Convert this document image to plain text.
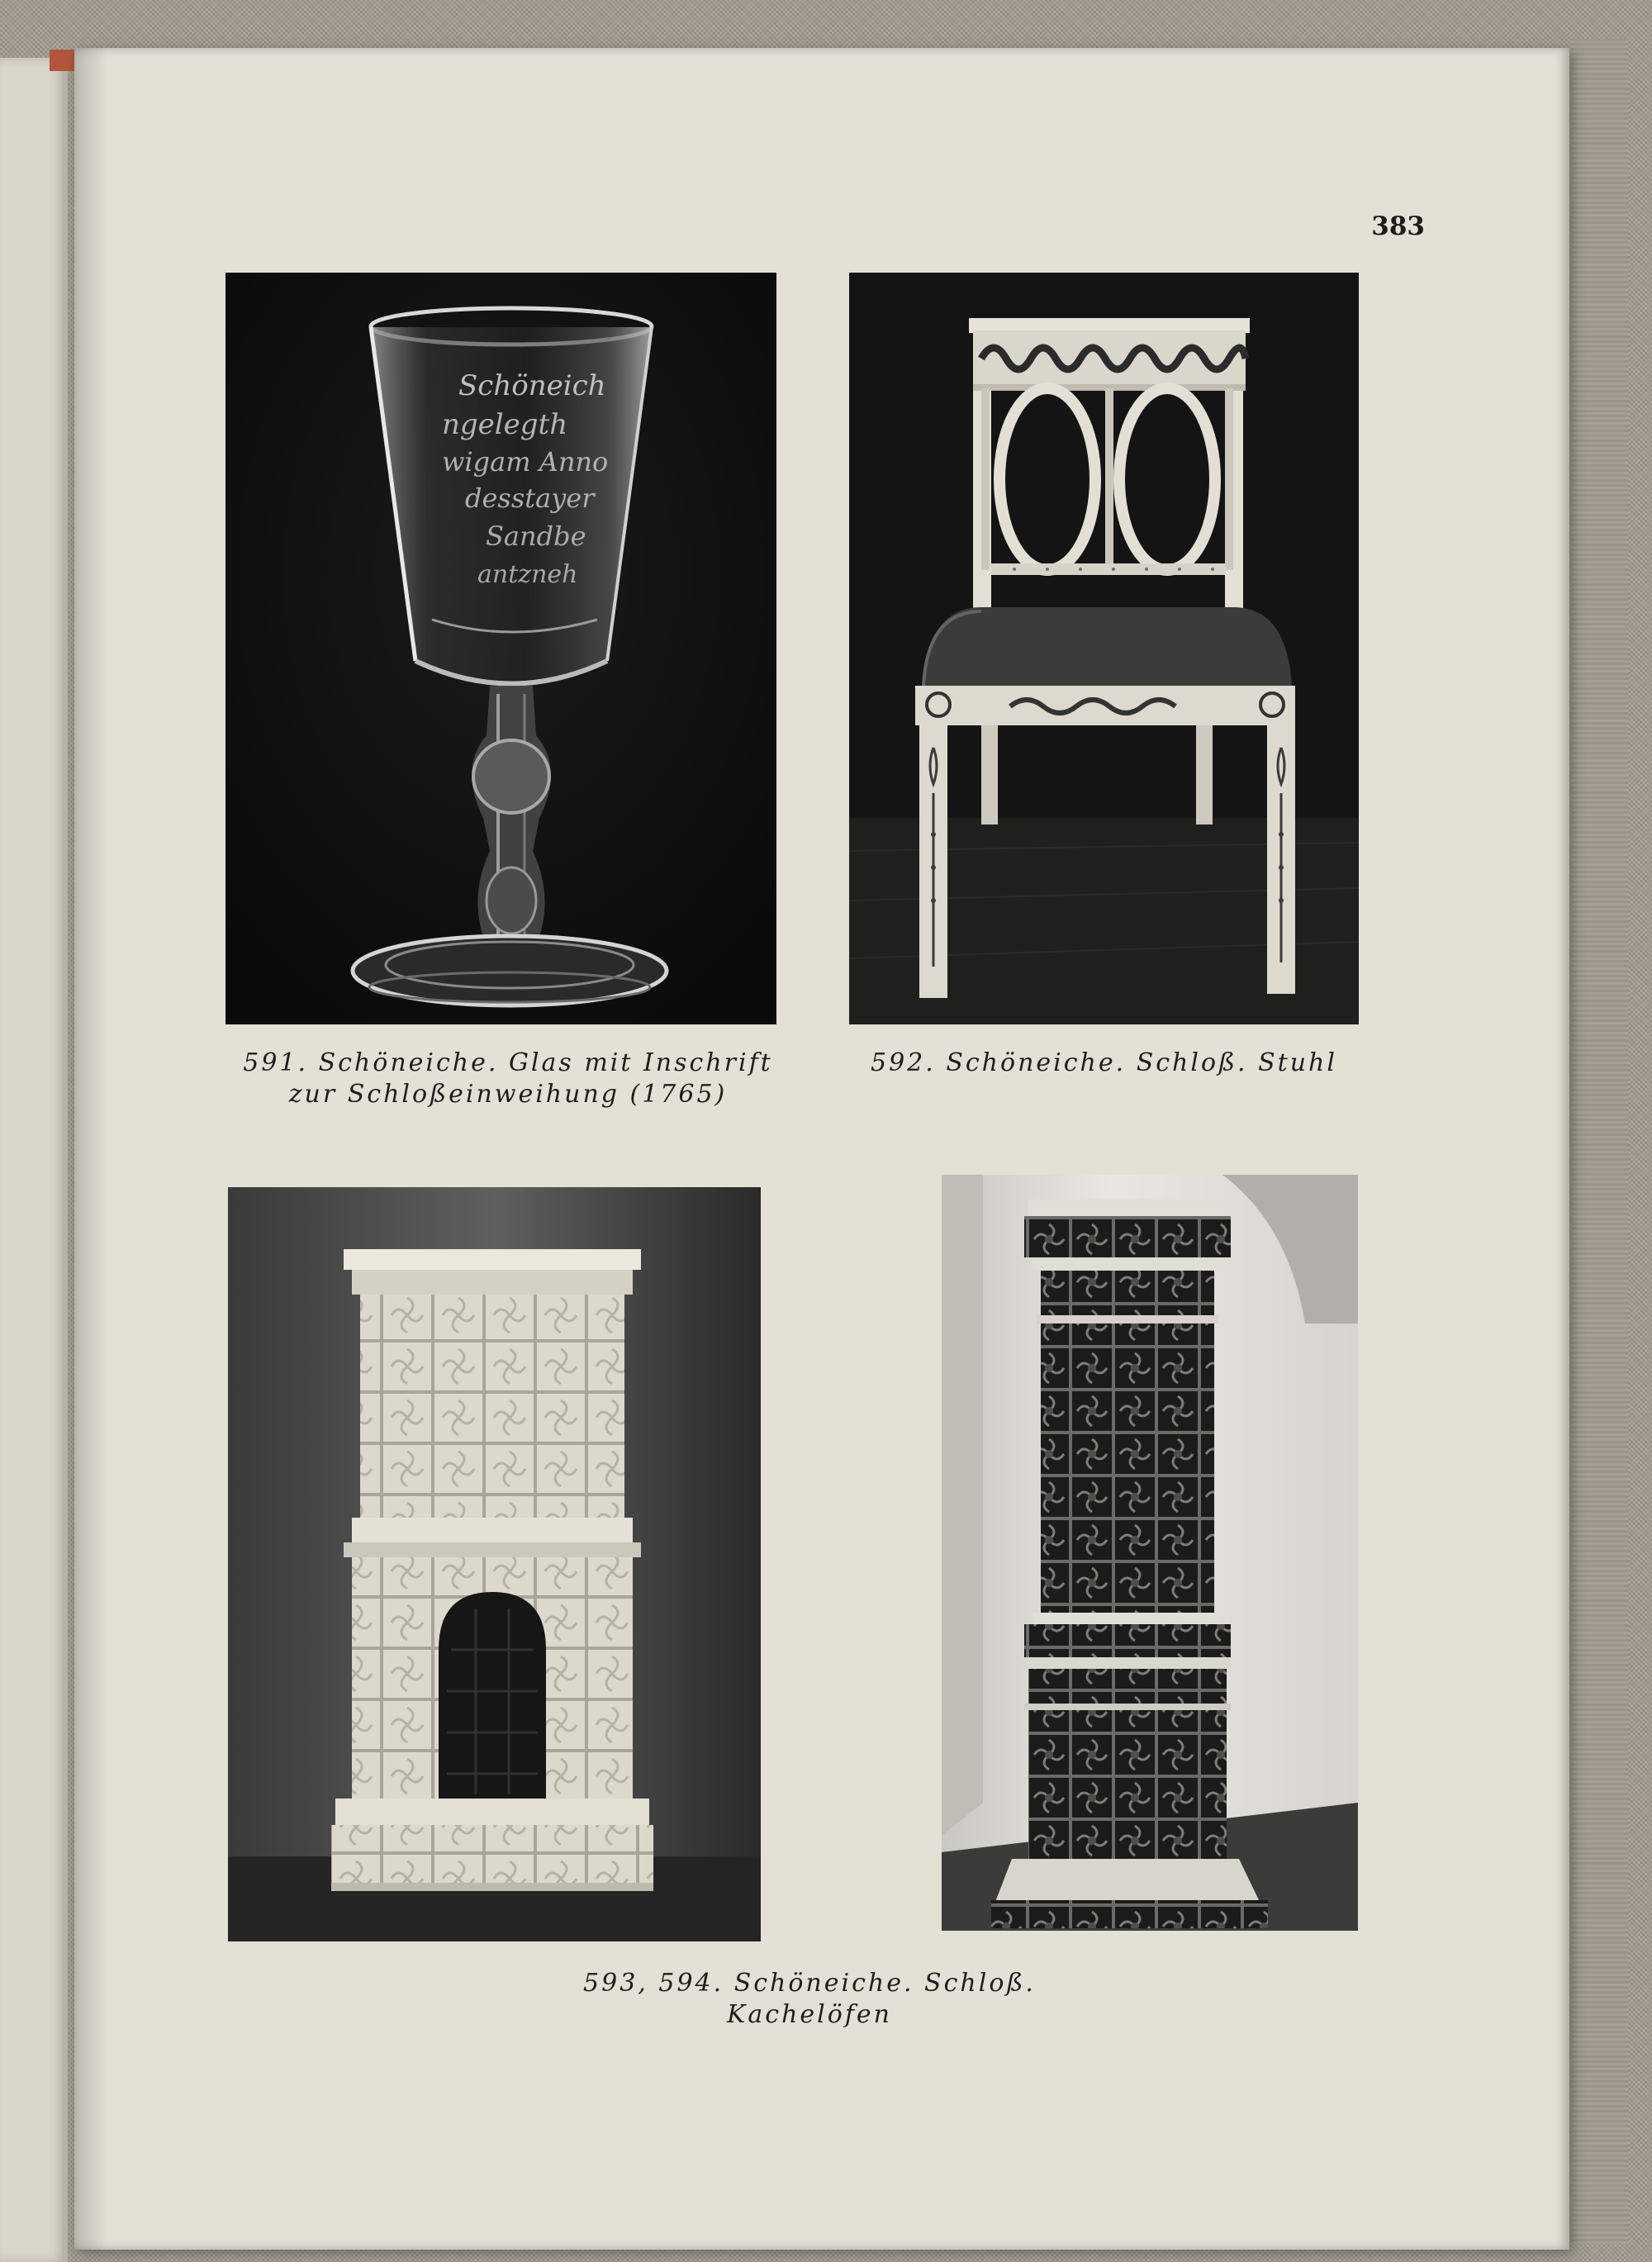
383
Schöneich
ngelegth
wigam Anno
desstayer
Sandbe
antzneh
591. Schöneiche. Glas mit Inschrift
zur Schloßeinweihung (1765)
592. Schöneiche. Schloß. Stuhl
593, 594. Schöneiche. Schloß. Kachelöfen
